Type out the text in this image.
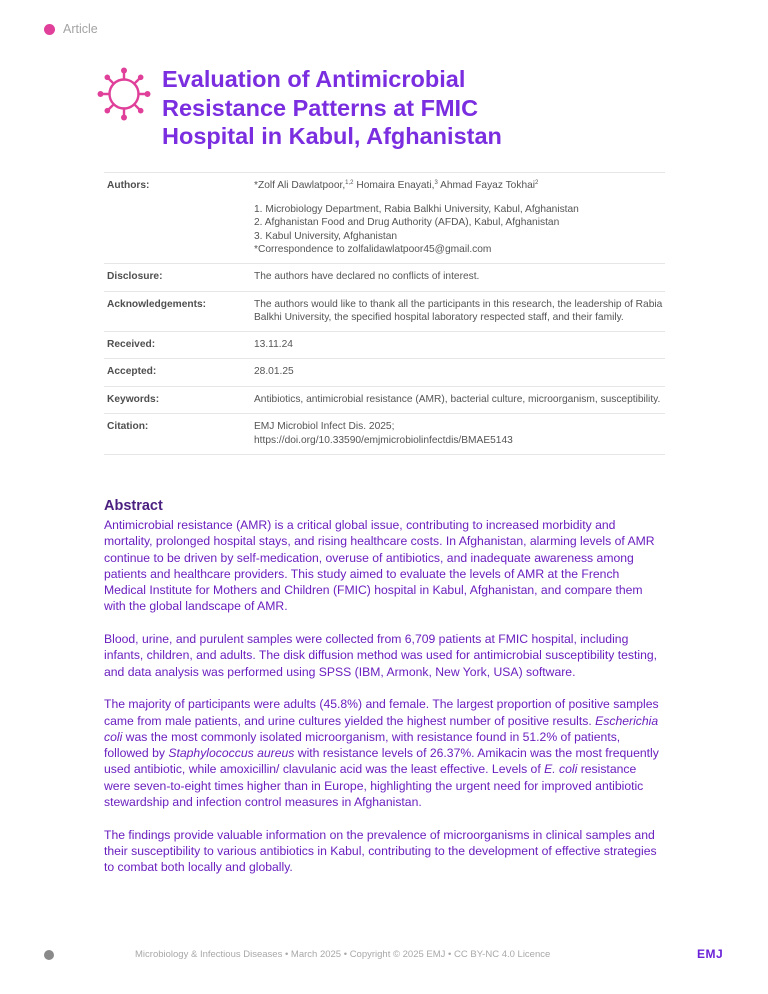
Article
Evaluation of Antimicrobial
Resistance Patterns at FMIC
Hospital in Kabul, Afghanistan
Authors:	*Zolf Ali Dawlatpoor,$^{1,2}$ Homaira Enayati,$^3$ Ahmad Fayaz Tokhai$^2$
1. Microbiology Department, Rabia Balkhi University, Kabul, Afghanistan
2. Afghanistan Food and Drug Authority (AFDA), Kabul, Afghanistan
3. Kabul University, Afghanistan
*Correspondence to zolfalidawlatpoor45@gmail.com
Disclosure:	The authors have declared no conflicts of interest.
Acknowledgements:	The authors would like to thank all the participants in this research, the leadership of Rabia Balkhi University, the specified hospital laboratory respected staff, and their family.
Received:	13.11.24
Accepted:	28.01.25
Keywords:	Antibiotics, antimicrobial resistance (AMR), bacterial culture, microorganism, susceptibility.
Citation:	EMJ Microbiol Infect Dis. 2025;
https://doi.org/10.33590/emjmicrobiolinfectdis/BMAE5143
Abstract

Antimicrobial resistance (AMR) is a critical global issue, contributing to increased morbidity and mortality, prolonged hospital stays, and rising healthcare costs. In Afghanistan, alarming levels of AMR continue to be driven by self-medication, overuse of antibiotics, and inadequate awareness among patients and healthcare providers. This study aimed to evaluate the levels of AMR at the French Medical Institute for Mothers and Children (FMIC) hospital in Kabul, Afghanistan, and compare them with the global landscape of AMR.

Blood, urine, and purulent samples were collected from 6,709 patients at FMIC hospital, including infants, children, and adults. The disk diffusion method was used for antimicrobial susceptibility testing, and data analysis was performed using SPSS (IBM, Armonk, New York, USA) software.

The majority of participants were adults (45.8%) and female. The largest proportion of positive samples came from male patients, and urine cultures yielded the highest number of positive results. Escherichia coli was the most commonly isolated microorganism, with resistance found in 51.2% of patients, followed by Staphylococcus aureus with resistance levels of 26.37%. Amikacin was the most frequently used antibiotic, while amoxicillin/ clavulanic acid was the least effective. Levels of E. coli resistance were seven-to-eight times higher than in Europe, highlighting the urgent need for improved antibiotic stewardship and infection control measures in Afghanistan.

The findings provide valuable information on the prevalence of microorganisms in clinical samples and their susceptibility to various antibiotics in Kabul, contributing to the development of effective strategies to combat both locally and globally.

Microbiology & Infectious Diseases • March 2025 • Copyright © 2025 EMJ • CC BY-NC 4.0 Licence	EMJ
